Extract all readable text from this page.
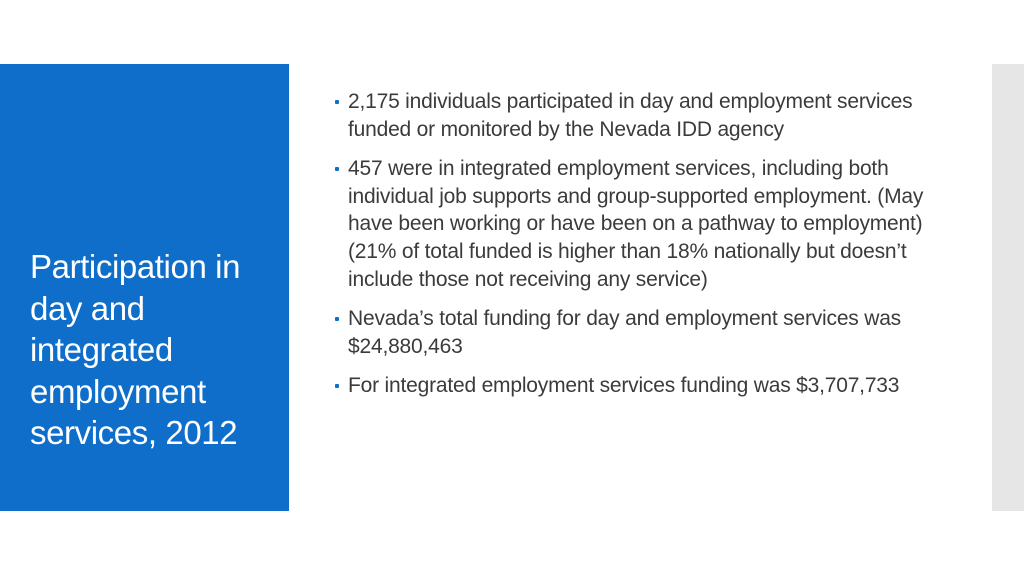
Participation in day and integrated employment services, 2012
2,175 individuals participated in day and employment services funded or monitored by the Nevada IDD agency
457 were in integrated employment services, including both individual job supports and group-supported employment. (May have been working or have been on a pathway to employment) (21% of total funded is higher than 18% nationally but doesn’t include those not receiving any service)
Nevada’s total funding for day and employment services was $24,880,463
For integrated employment services funding was $3,707,733
